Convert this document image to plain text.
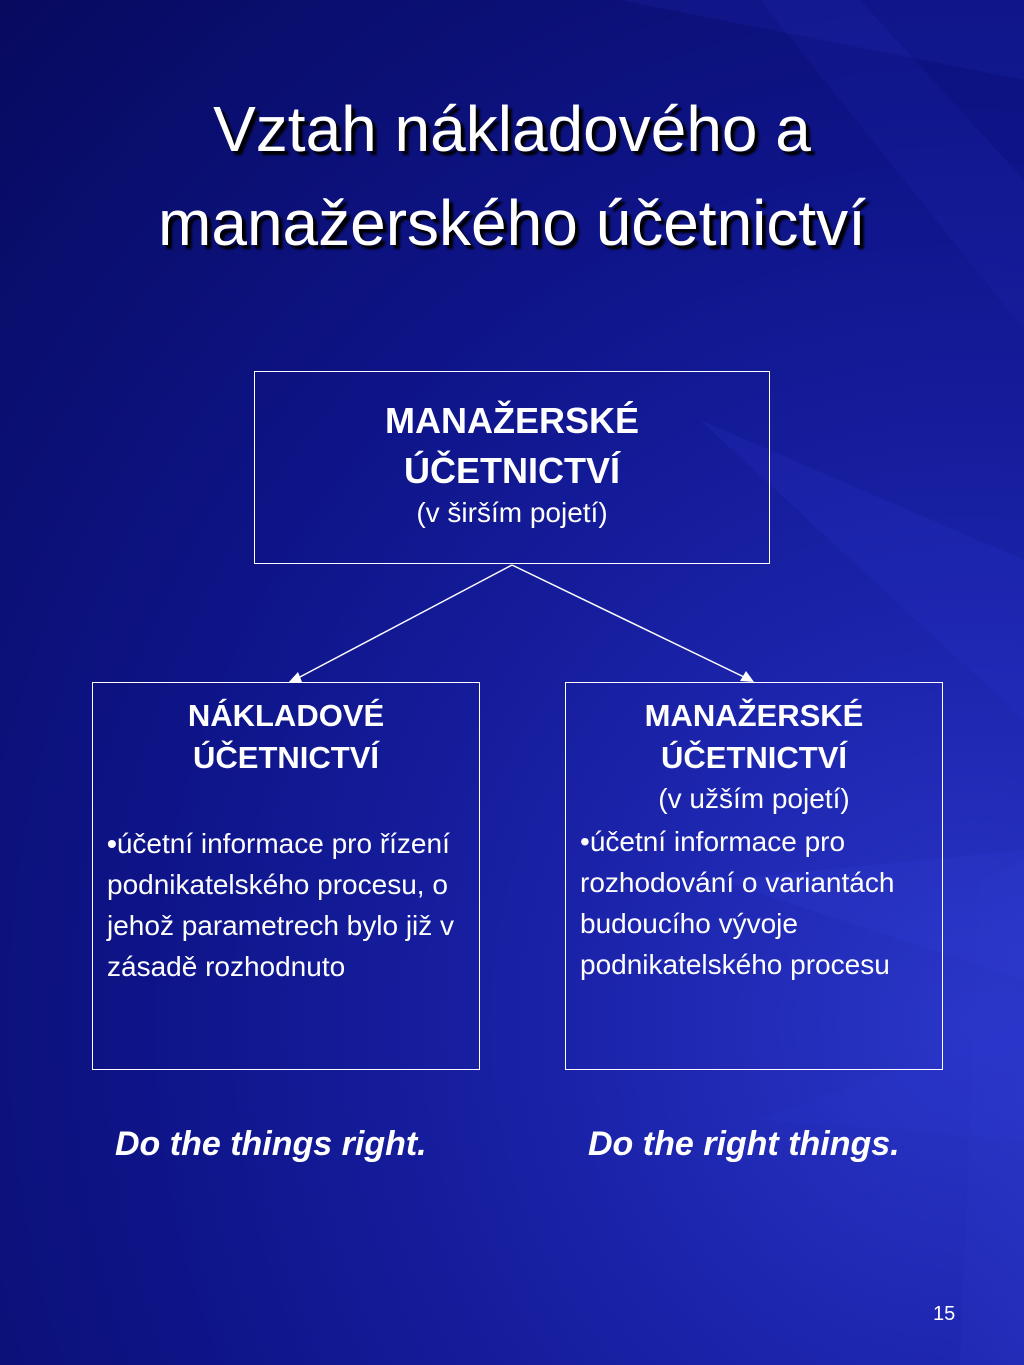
Vztah nákladového a
manažerského účetnictví
MANAŽERSKÉ
ÚČETNICTVÍ
(v širším pojetí)
NÁKLADOVÉ
ÚČETNICTVÍ

•účetní informace pro řízení podnikatelského procesu, o jehož parametrech bylo již v zásadě rozhodnuto

MANAŽERSKÉ
ÚČETNICTVÍ
(v užším pojetí)

•účetní informace pro rozhodování o variantách budoucího vývoje podnikatelského procesu

Do the things right.	Do the right things.
15
